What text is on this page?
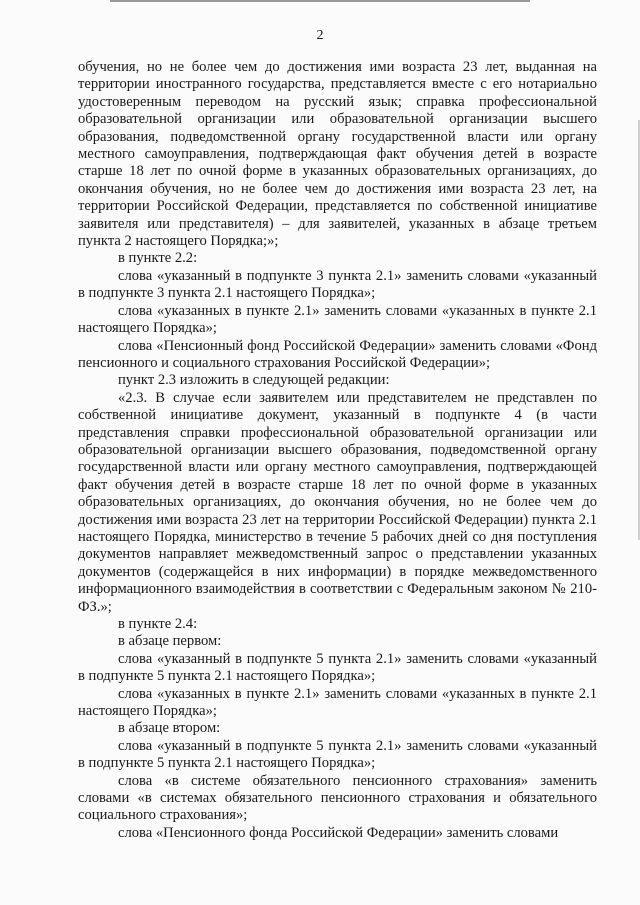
2

обучения, но не более чем до достижения ими возраста 23 лет, выданная на территории иностранного государства, представляется вместе с его нотариально удостоверенным переводом на русский язык; справка профессиональной образовательной организации или образовательной организации высшего образования, подведомственной органу государственной власти или органу местного самоуправления, подтверждающая факт обучения детей в возрасте старше 18 лет по очной форме в указанных образовательных организациях, до окончания обучения, но не более чем до достижения ими возраста 23 лет, на территории Российской Федерации, представляется по собственной инициативе заявителя или представителя) – для заявителей, указанных в абзаце третьем пункта 2 настоящего Порядка;»;

в пункте 2.2:

слова «указанный в подпункте 3 пункта 2.1» заменить словами «указанный в подпункте 3 пункта 2.1 настоящего Порядка»;

слова «указанных в пункте 2.1» заменить словами «указанных в пункте 2.1 настоящего Порядка»;

слова «Пенсионный фонд Российской Федерации» заменить словами «Фонд пенсионного и социального страхования Российской Федерации»;

пункт 2.3 изложить в следующей редакции:

«2.3. В случае если заявителем или представителем не представлен по собственной инициативе документ, указанный в подпункте 4 (в части представления справки профессиональной образовательной организации или образовательной организации высшего образования, подведомственной органу государственной власти или органу местного самоуправления, подтверждающей факт обучения детей в возрасте старше 18 лет по очной форме в указанных образовательных организациях, до окончания обучения, но не более чем до достижения ими возраста 23 лет на территории Российской Федерации) пункта 2.1 настоящего Порядка, министерство в течение 5 рабочих дней со дня поступления документов направляет межведомственный запрос о представлении указанных документов (содержащейся в них информации) в порядке межведомственного информационного взаимодействия в соответствии с Федеральным законом № 210-ФЗ.»;

в пункте 2.4:

в абзаце первом:

слова «указанный в подпункте 5 пункта 2.1» заменить словами «указанный в подпункте 5 пункта 2.1 настоящего Порядка»;

слова «указанных в пункте 2.1» заменить словами «указанных в пункте 2.1 настоящего Порядка»;

в абзаце втором:

слова «указанный в подпункте 5 пункта 2.1» заменить словами «указанный в подпункте 5 пункта 2.1 настоящего Порядка»;

слова «в системе обязательного пенсионного страхования» заменить словами «в системах обязательного пенсионного страхования и обязательного социального страхования»;

слова «Пенсионного фонда Российской Федерации» заменить словами
